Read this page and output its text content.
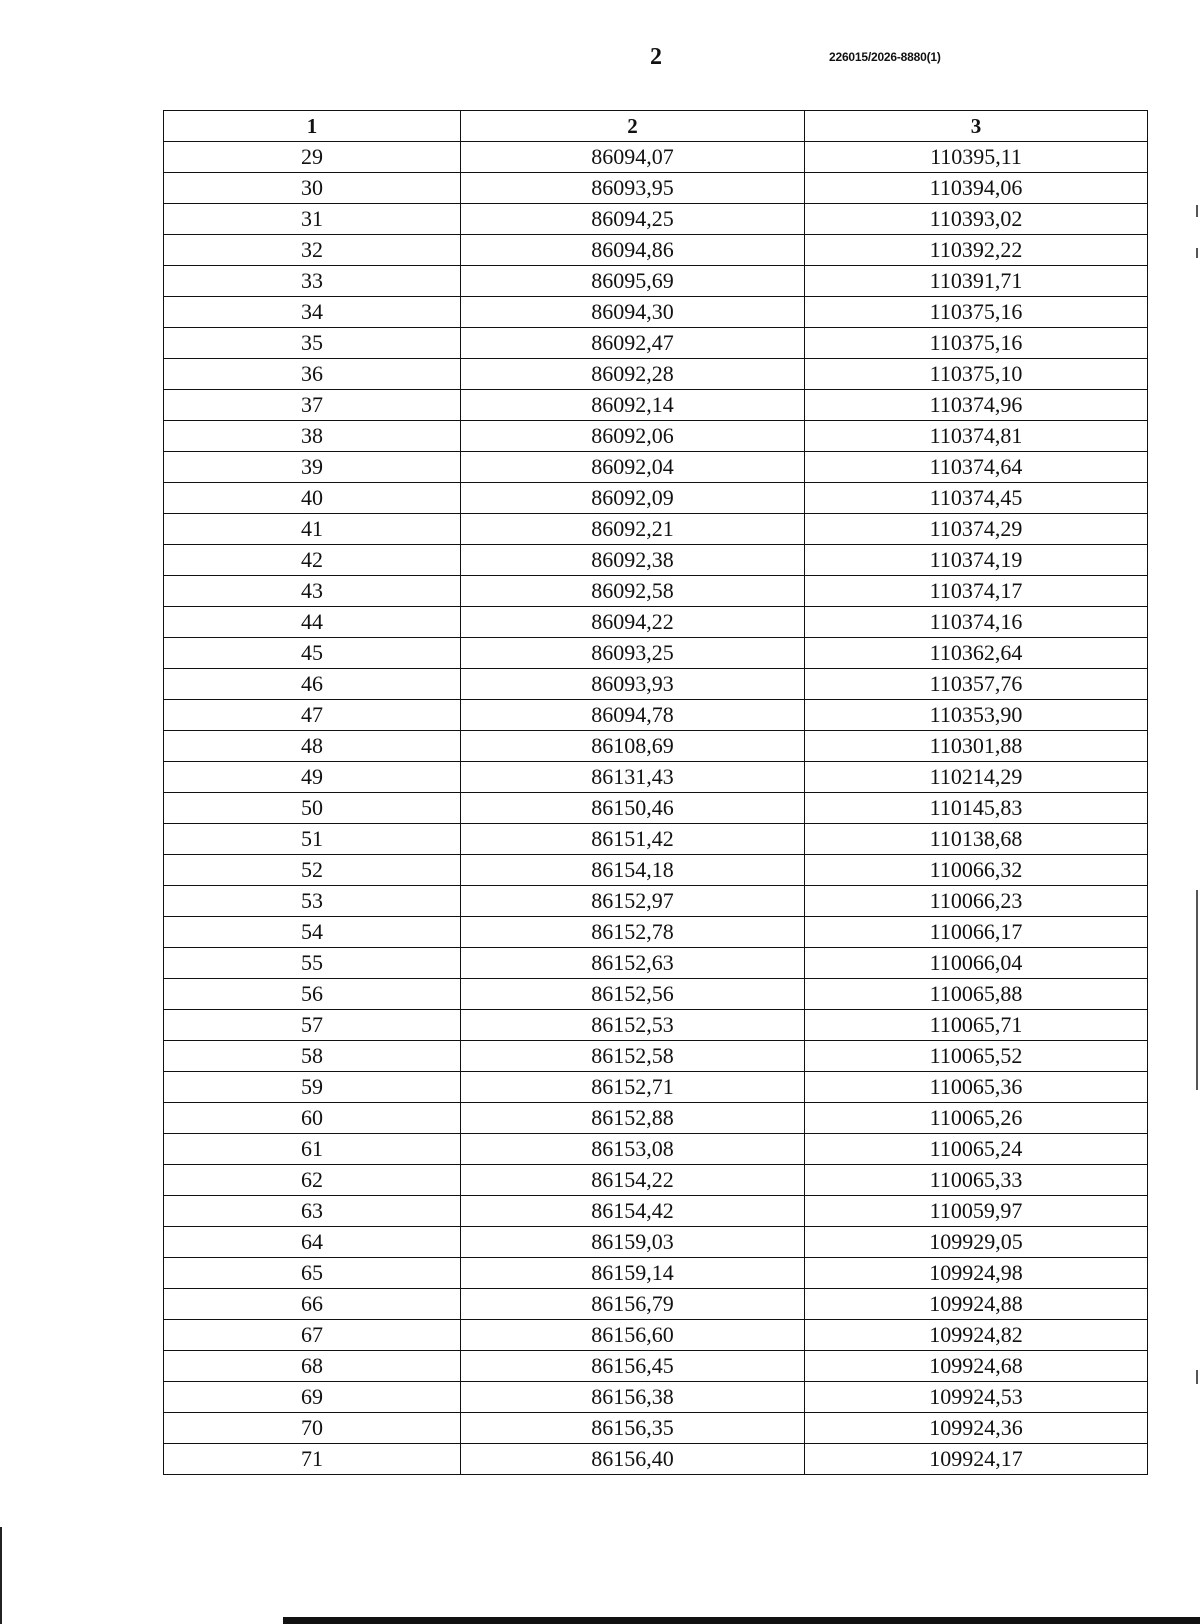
2	226015/2026-8880(1)
1	2	3
29	86094,07	110395,11
30	86093,95	110394,06
31	86094,25	110393,02
32	86094,86	110392,22
33	86095,69	110391,71
34	86094,30	110375,16
35	86092,47	110375,16
36	86092,28	110375,10
37	86092,14	110374,96
38	86092,06	110374,81
39	86092,04	110374,64
40	86092,09	110374,45
41	86092,21	110374,29
42	86092,38	110374,19
43	86092,58	110374,17
44	86094,22	110374,16
45	86093,25	110362,64
46	86093,93	110357,76
47	86094,78	110353,90
48	86108,69	110301,88
49	86131,43	110214,29
50	86150,46	110145,83
51	86151,42	110138,68
52	86154,18	110066,32
53	86152,97	110066,23
54	86152,78	110066,17
55	86152,63	110066,04
56	86152,56	110065,88
57	86152,53	110065,71
58	86152,58	110065,52
59	86152,71	110065,36
60	86152,88	110065,26
61	86153,08	110065,24
62	86154,22	110065,33
63	86154,42	110059,97
64	86159,03	109929,05
65	86159,14	109924,98
66	86156,79	109924,88
67	86156,60	109924,82
68	86156,45	109924,68
69	86156,38	109924,53
70	86156,35	109924,36
71	86156,40	109924,17
